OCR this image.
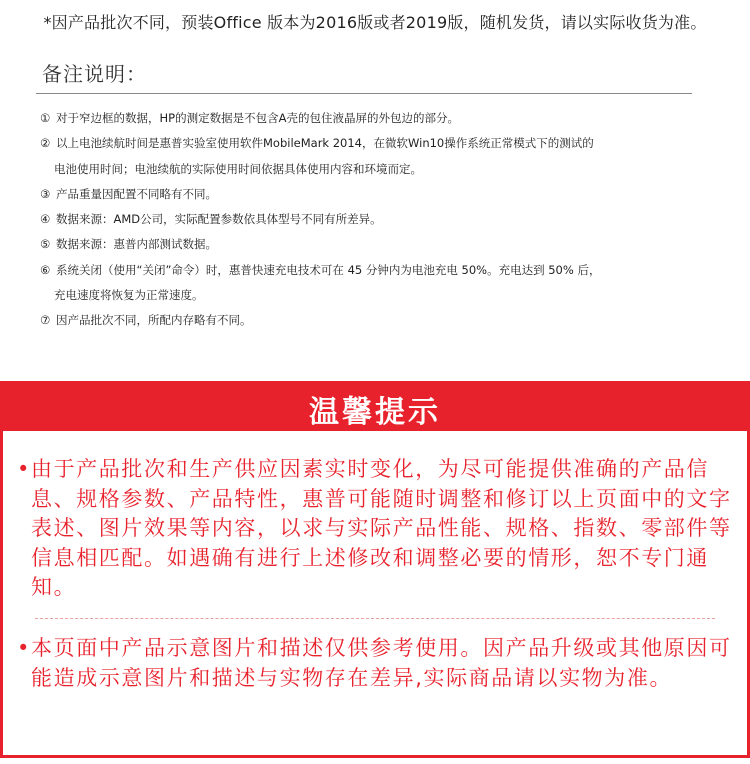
*因产品批次不同，预装Office 版本为2016版或者2019版，随机发货，请以实际收货为准。
备注说明：
① 对于窄边框的数据，HP的测定数据是不包含A壳的包住液晶屏的外包边的部分。
② 以上电池续航时间是惠普实验室使用软件MobileMark 2014，在微软Win10操作系统正常模式下的测试的
电池使用时间；电池续航的实际使用时间依据具体使用内容和环境而定。
③ 产品重量因配置不同略有不同。
④ 数据来源：AMD公司，实际配置参数依具体型号不同有所差异。
⑤ 数据来源：惠普内部测试数据。
⑥ 系统关闭（使用“关闭”命令）时，惠普快速充电技术可在 45 分钟内为电池充电 50%。充电达到 50% 后，
充电速度将恢复为正常速度。
⑦ 因产品批次不同，所配内存略有不同。
温馨提示
•由于产品批次和生产供应因素实时变化，为尽可能提供准确的产品信息、规格参数、产品特性，惠普可能随时调整和修订以上页面中的文字表述、图片效果等内容，以求与实际产品性能、规格、指数、零部件等信息相匹配。如遇确有进行上述修改和调整必要的情形，恕不专门通知。
•本页面中产品示意图片和描述仅供参考使用。因产品升级或其他原因可能造成示意图片和描述与实物存在差异,实际商品请以实物为准。
